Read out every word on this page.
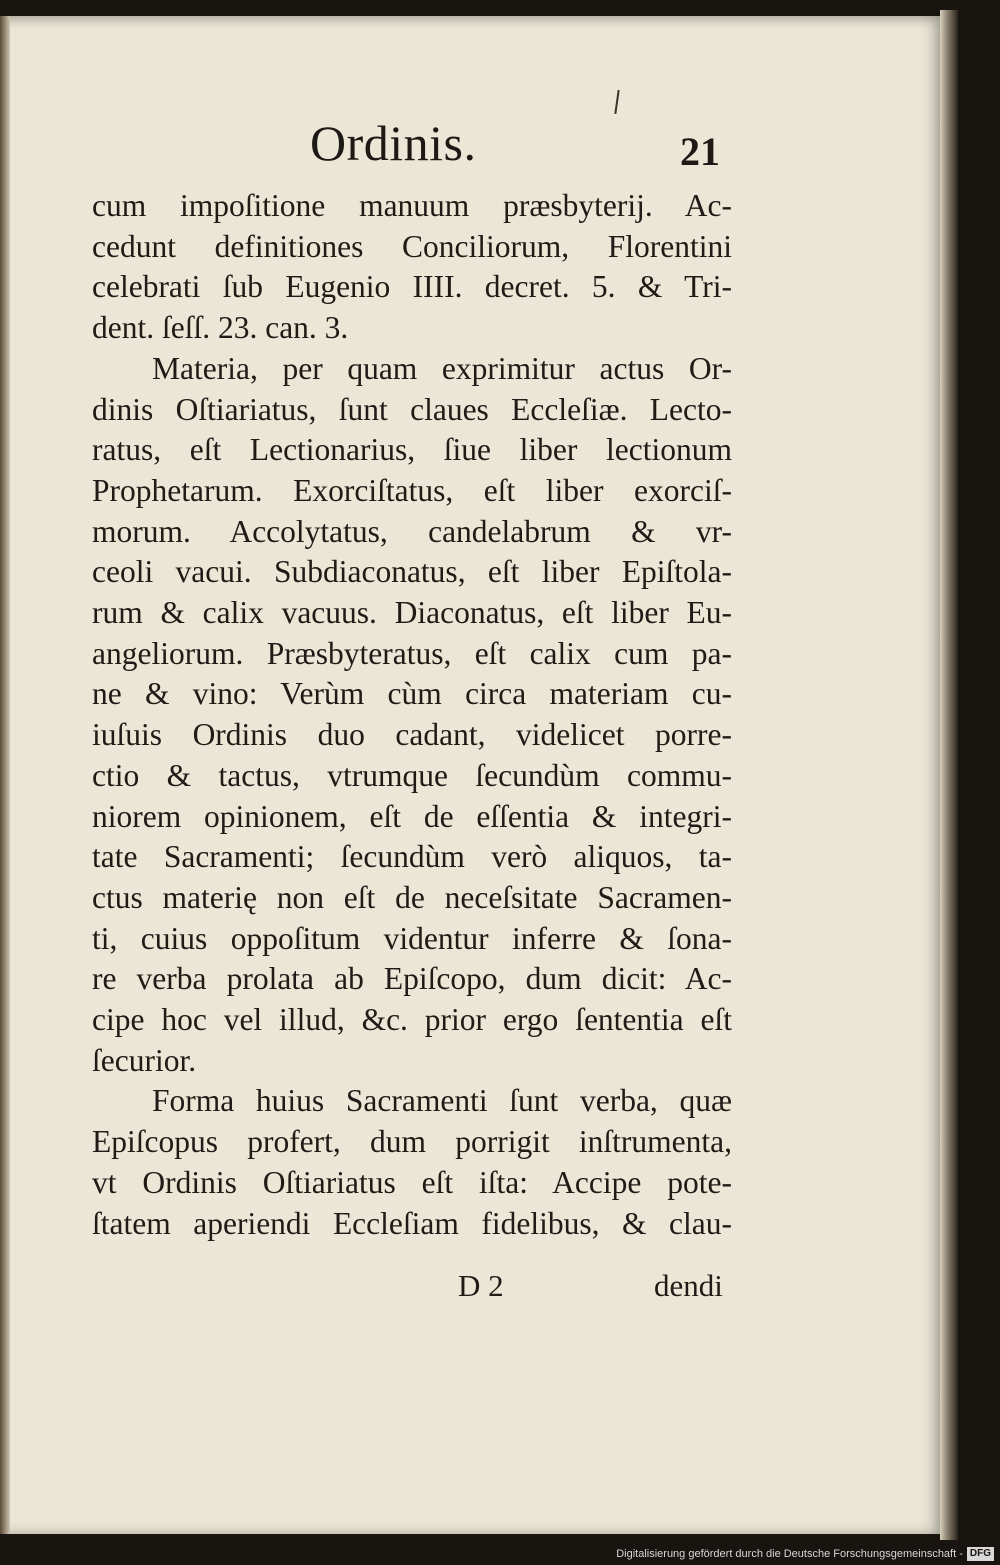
Ordinis.	21
cum impoſitione manuum præsbyterij. Ac-
cedunt definitiones Conciliorum, Florentini
celebrati ſub Eugenio IIII. decret. 5. & Tri-
dent. ſeſſ. 23. can. 3.
Materia, per quam exprimitur actus Or-
dinis Oſtiariatus, ſunt claues Eccleſiæ. Lecto-
ratus, eſt Lectionarius, ſiue liber lectionum
Prophetarum. Exorciſtatus, eſt liber exorciſ-
morum. Accolytatus, candelabrum & vr-
ceoli vacui. Subdiaconatus, eſt liber Epiſtola-
rum & calix vacuus. Diaconatus, eſt liber Eu-
angeliorum. Præsbyteratus, eſt calix cum pa-
ne & vino: Verùm cùm circa materiam cu-
iuſuis Ordinis duo cadant, videlicet porre-
ctio & tactus, vtrumque ſecundùm commu-
niorem opinionem, eſt de eſſentia & integri-
tate Sacramenti; ſecundùm verò aliquos, ta-
ctus materię non eſt de neceſsitate Sacramen-
ti, cuius oppoſitum videntur inferre & ſona-
re verba prolata ab Epiſcopo, dum dicit: Ac-
cipe hoc vel illud, &c. prior ergo ſententia eſt
ſecurior.
Forma huius Sacramenti ſunt verba, quæ
Epiſcopus profert, dum porrigit inſtrumenta,
vt Ordinis Oſtiariatus eſt iſta: Accipe pote-
ſtatem aperiendi Eccleſiam fidelibus, & clau-
D 2	dendi
Digitalisierung gefördert durch die Deutsche Forschungsgemeinschaft - DFG
